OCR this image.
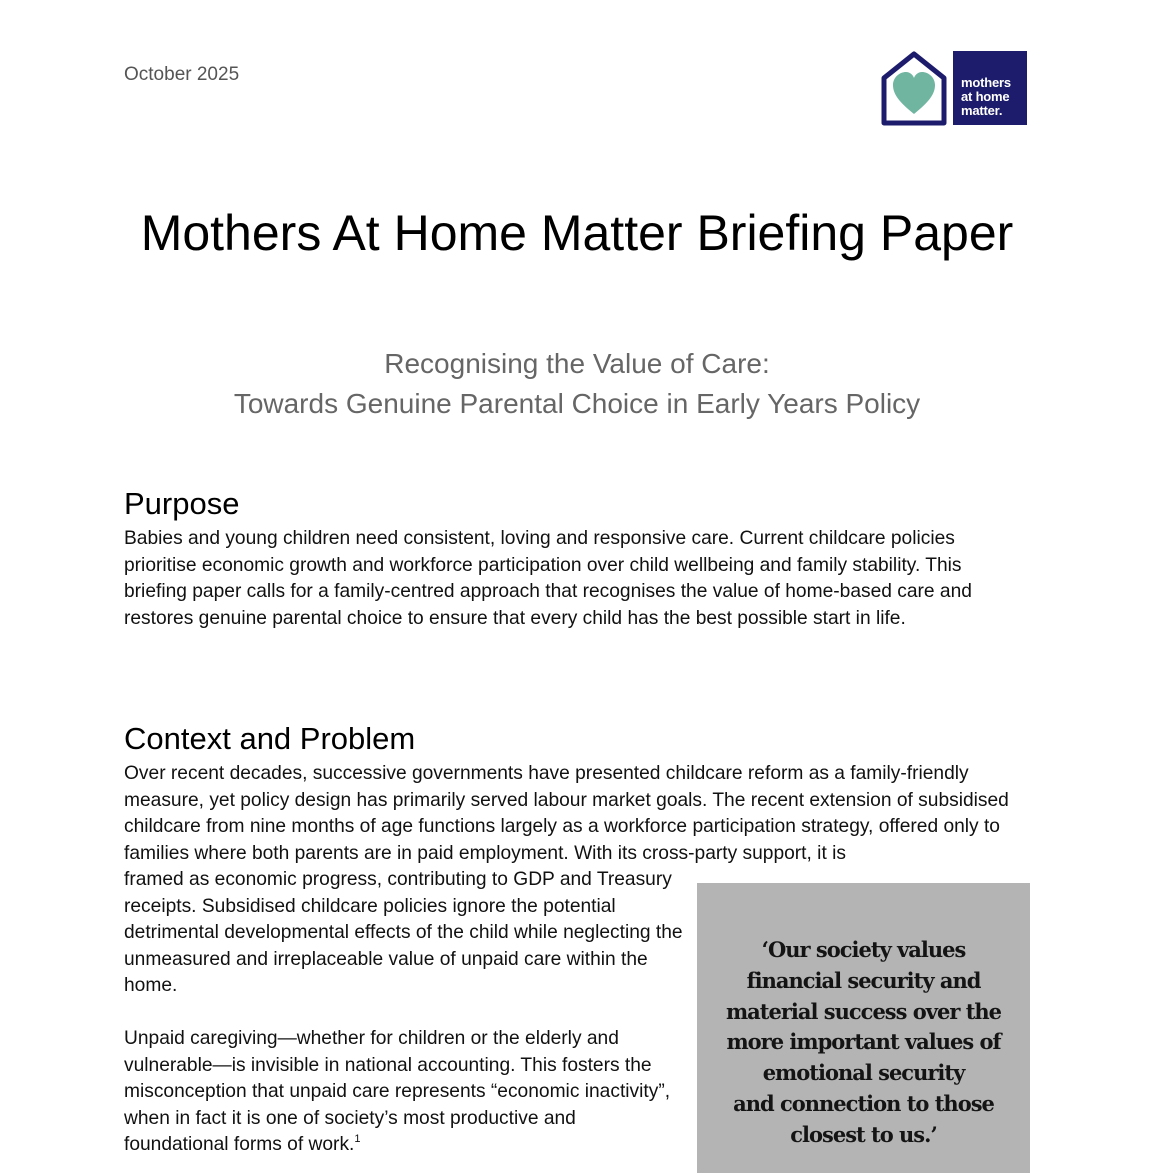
October 2025	mothers
at home
matter.
Mothers At Home Matter Briefing Paper
Recognising the Value of Care:
Towards Genuine Parental Choice in Early Years Policy
Purpose

Babies and young children need consistent, loving and responsive care. Current childcare policies prioritise economic growth and workforce participation over child wellbeing and family stability. This briefing paper calls for a family-centred approach that recognises the value of home-based care and restores genuine parental choice to ensure that every child has the best possible start in life.

Context and Problem

Over recent decades, successive governments have presented childcare reform as a family-friendly measure, yet policy design has primarily served labour market goals. The recent extension of subsidised childcare from nine months of age functions largely as a workforce participation strategy, offered only to families where both parents are in paid employment. With its cross-party support, it is

framed as economic progress, contributing to GDP and Treasury receipts. Subsidised childcare policies ignore the potential detrimental developmental effects of the child while neglecting the unmeasured and irreplaceable value of unpaid care within the home.

Unpaid caregiving—whether for children or the elderly and vulnerable—is invisible in national accounting. This fosters the misconception that unpaid care represents “economic inactivity”, when in fact it is one of society’s most productive and foundational forms of work.$^1$

‘Our society values
financial security and
material success over the
more important values of
emotional security
and connection to those
closest to us.’
